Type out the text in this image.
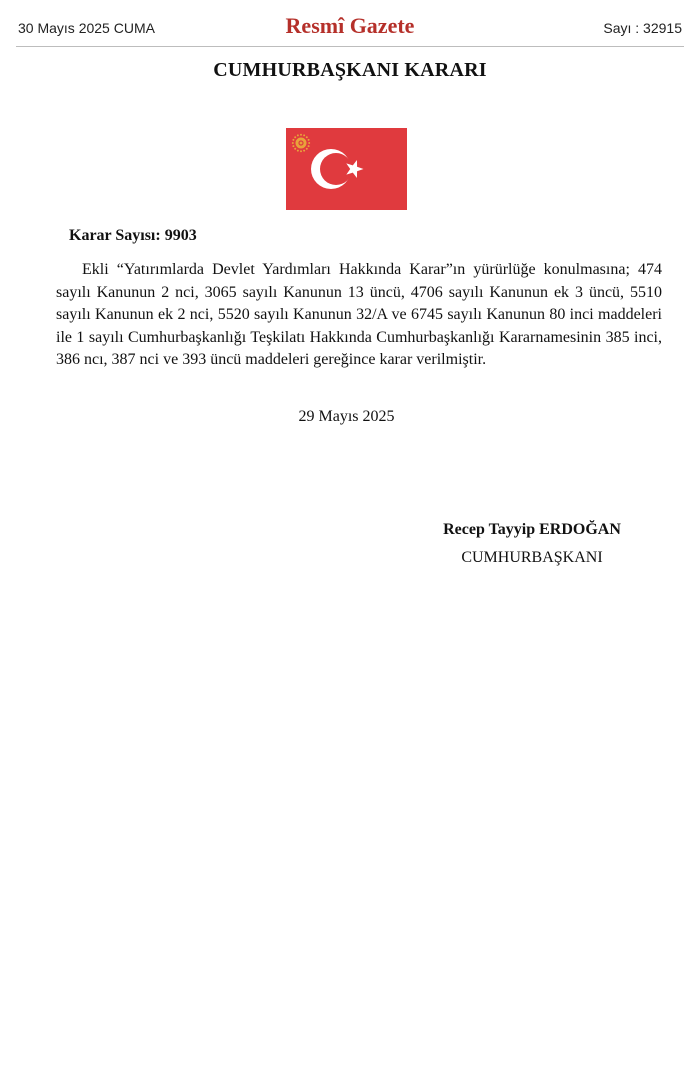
30 Mayıs 2025 CUMA	Resmî Gazete	Sayı : 32915
CUMHURBAŞKANI KARARI
Karar Sayısı: 9903

Ekli “Yatırımlarda Devlet Yardımları Hakkında Karar”ın yürürlüğe konulmasına; 474 sayılı Kanunun 2 nci, 3065 sayılı Kanunun 13 üncü, 4706 sayılı Kanunun ek 3 üncü, 5510 sayılı Kanunun ek 2 nci, 5520 sayılı Kanunun 32/A ve 6745 sayılı Kanunun 80 inci maddeleri ile 1 sayılı Cumhurbaşkanlığı Teşkilatı Hakkında Cumhurbaşkanlığı Kararnamesinin 385 inci, 386 ncı, 387 nci ve 393 üncü maddeleri gereğince karar verilmiştir.

29 Mayıs 2025
Recep Tayyip ERDOĞAN
CUMHURBAŞKANI
